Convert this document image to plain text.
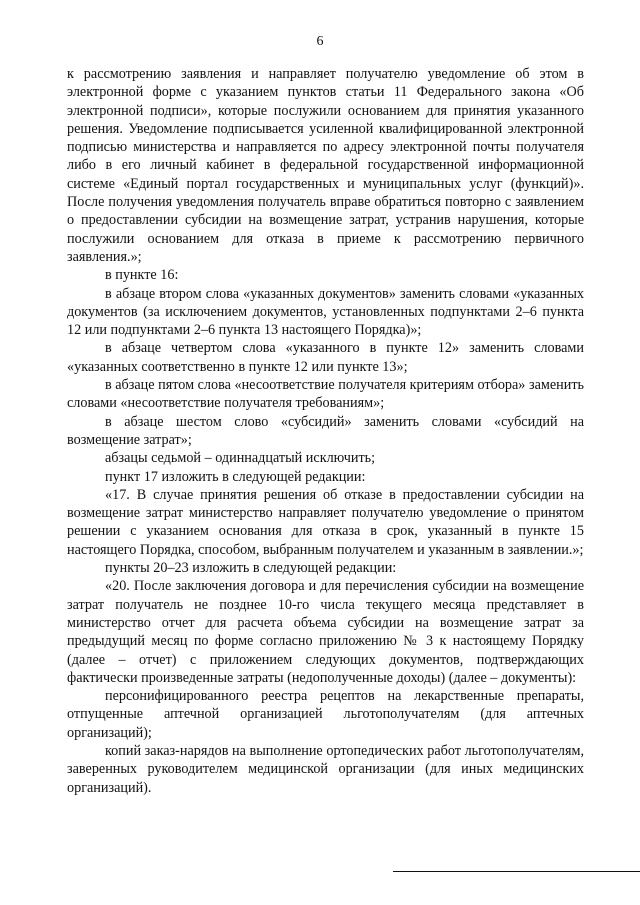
6

к рассмотрению заявления и направляет получателю уведомление об этом в электронной форме с указанием пунктов статьи 11 Федерального закона «Об электронной подписи», которые послужили основанием для принятия указанного решения. Уведомление подписывается усиленной квалифицированной электронной подписью министерства и направляется по адресу электронной почты получателя либо в его личный кабинет в федеральной государственной информационной системе «Единый портал государственных и муниципальных услуг (функций)». После получения уведомления получатель вправе обратиться повторно с заявлением о предоставлении субсидии на возмещение затрат, устранив нарушения, которые послужили основанием для отказа в приеме к рассмотрению первичного заявления.»;

в пункте 16:

в абзаце втором слова «указанных документов» заменить словами «указанных документов (за исключением документов, установленных подпунктами 2–6 пункта 12 или подпунктами 2–6 пункта 13 настоящего Порядка)»;

в абзаце четвертом слова «указанного в пункте 12» заменить словами «указанных соответственно в пункте 12 или пункте 13»;

в абзаце пятом слова «несоответствие получателя критериям отбора» заменить словами «несоответствие получателя требованиям»;

в абзаце шестом слово «субсидий» заменить словами «субсидий на возмещение затрат»;

абзацы седьмой – одиннадцатый исключить;

пункт 17 изложить в следующей редакции:

«17. В случае принятия решения об отказе в предоставлении субсидии на возмещение затрат министерство направляет получателю уведомление о принятом решении с указанием основания для отказа в срок, указанный в пункте 15 настоящего Порядка, способом, выбранным получателем и указанным в заявлении.»;

пункты 20–23 изложить в следующей редакции:

«20. После заключения договора и для перечисления субсидии на возмещение затрат получатель не позднее 10-го числа текущего месяца представляет в министерство отчет для расчета объема субсидии на возмещение затрат за предыдущий месяц по форме согласно приложению № 3 к настоящему Порядку (далее – отчет) с приложением следующих документов, подтверждающих фактически произведенные затраты (недополученные доходы) (далее – документы):

персонифицированного реестра рецептов на лекарственные препараты, отпущенные аптечной организацией льготополучателям (для аптечных организаций);

копий заказ-нарядов на выполнение ортопедических работ льготополучателям, заверенных руководителем медицинской организации (для иных медицинских организаций).
